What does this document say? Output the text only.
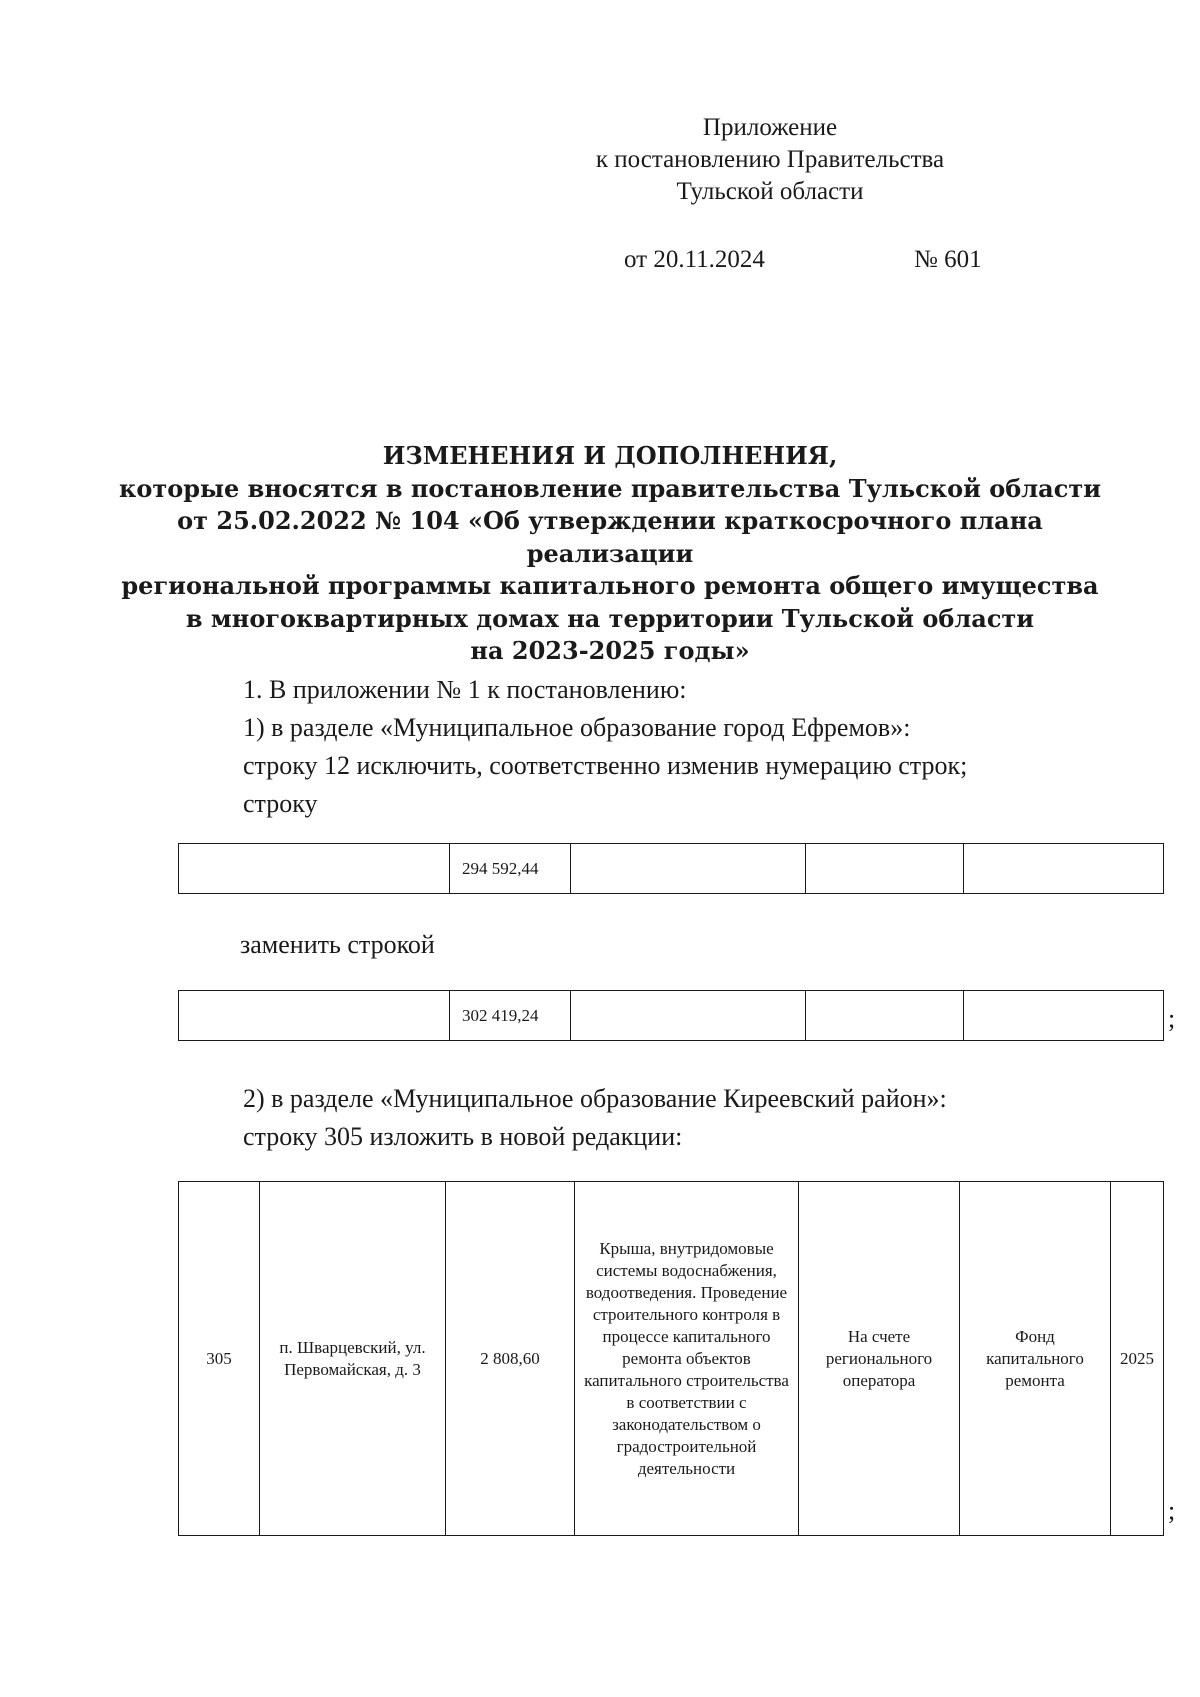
Приложение
к постановлению Правительства
Тульской области
от 20.11.2024	№ 601
ИЗМЕНЕНИЯ И ДОПОЛНЕНИЯ,
которые вносятся в постановление правительства Тульской области
от 25.02.2022 № 104 «Об утверждении краткосрочного плана реализации
региональной программы капитального ремонта общего имущества
в многоквартирных домах на территории Тульской области
на 2023-2025 годы»
1. В приложении № 1 к постановлению:
1) в разделе «Муниципальное образование город Ефремов»:
строку 12 исключить, соответственно изменив нумерацию строк;
строку
	294 592,44			
заменить строкой
	302 419,24				;
2) в разделе «Муниципальное образование Киреевский район»:
строку 305 изложить в новой редакции:
305	п. Шварцевский, ул. Первомайская, д. 3	2 808,60	Крыша, внутридомовые системы водоснабжения, водоотведения. Проведение строительного контроля в процессе капитального ремонта объектов капитального строительства в соответствии с законодательством о градостроительной деятельности	На счете регионального оператора	Фонд капитального ремонта	2025
;
